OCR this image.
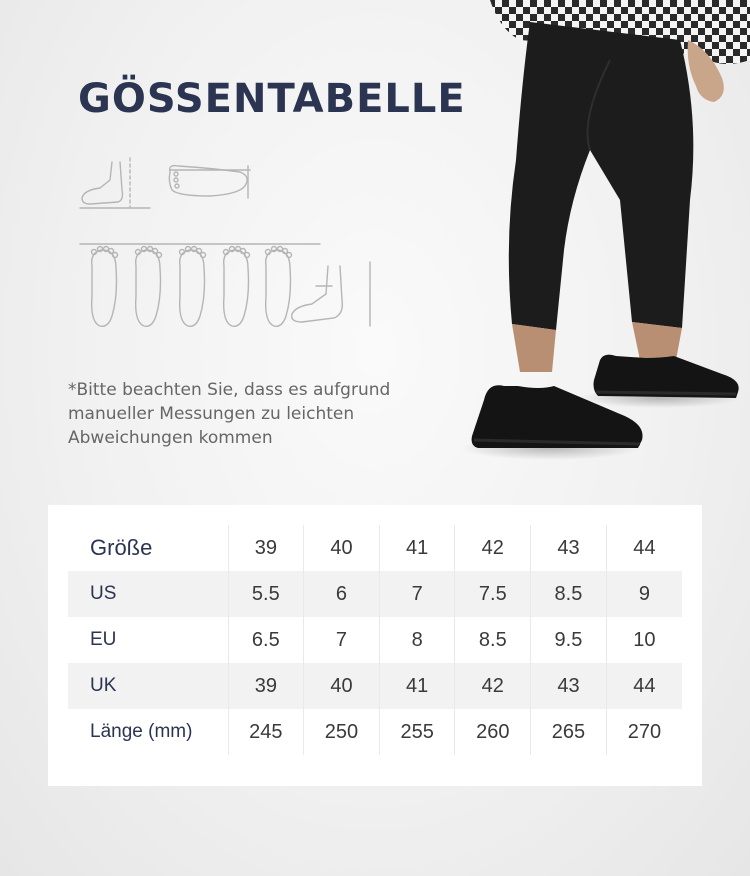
GÖSSENTABELLE
*Bitte beachten Sie, dass es aufgrund manueller Messungen zu leichten Abweichungen kommen
Größe	39	40	41	42	43	44
US	5.5	6	7	7.5	8.5	9
EU	6.5	7	8	8.5	9.5	10
UK	39	40	41	42	43	44
Länge (mm)	245	250	255	260	265	270
